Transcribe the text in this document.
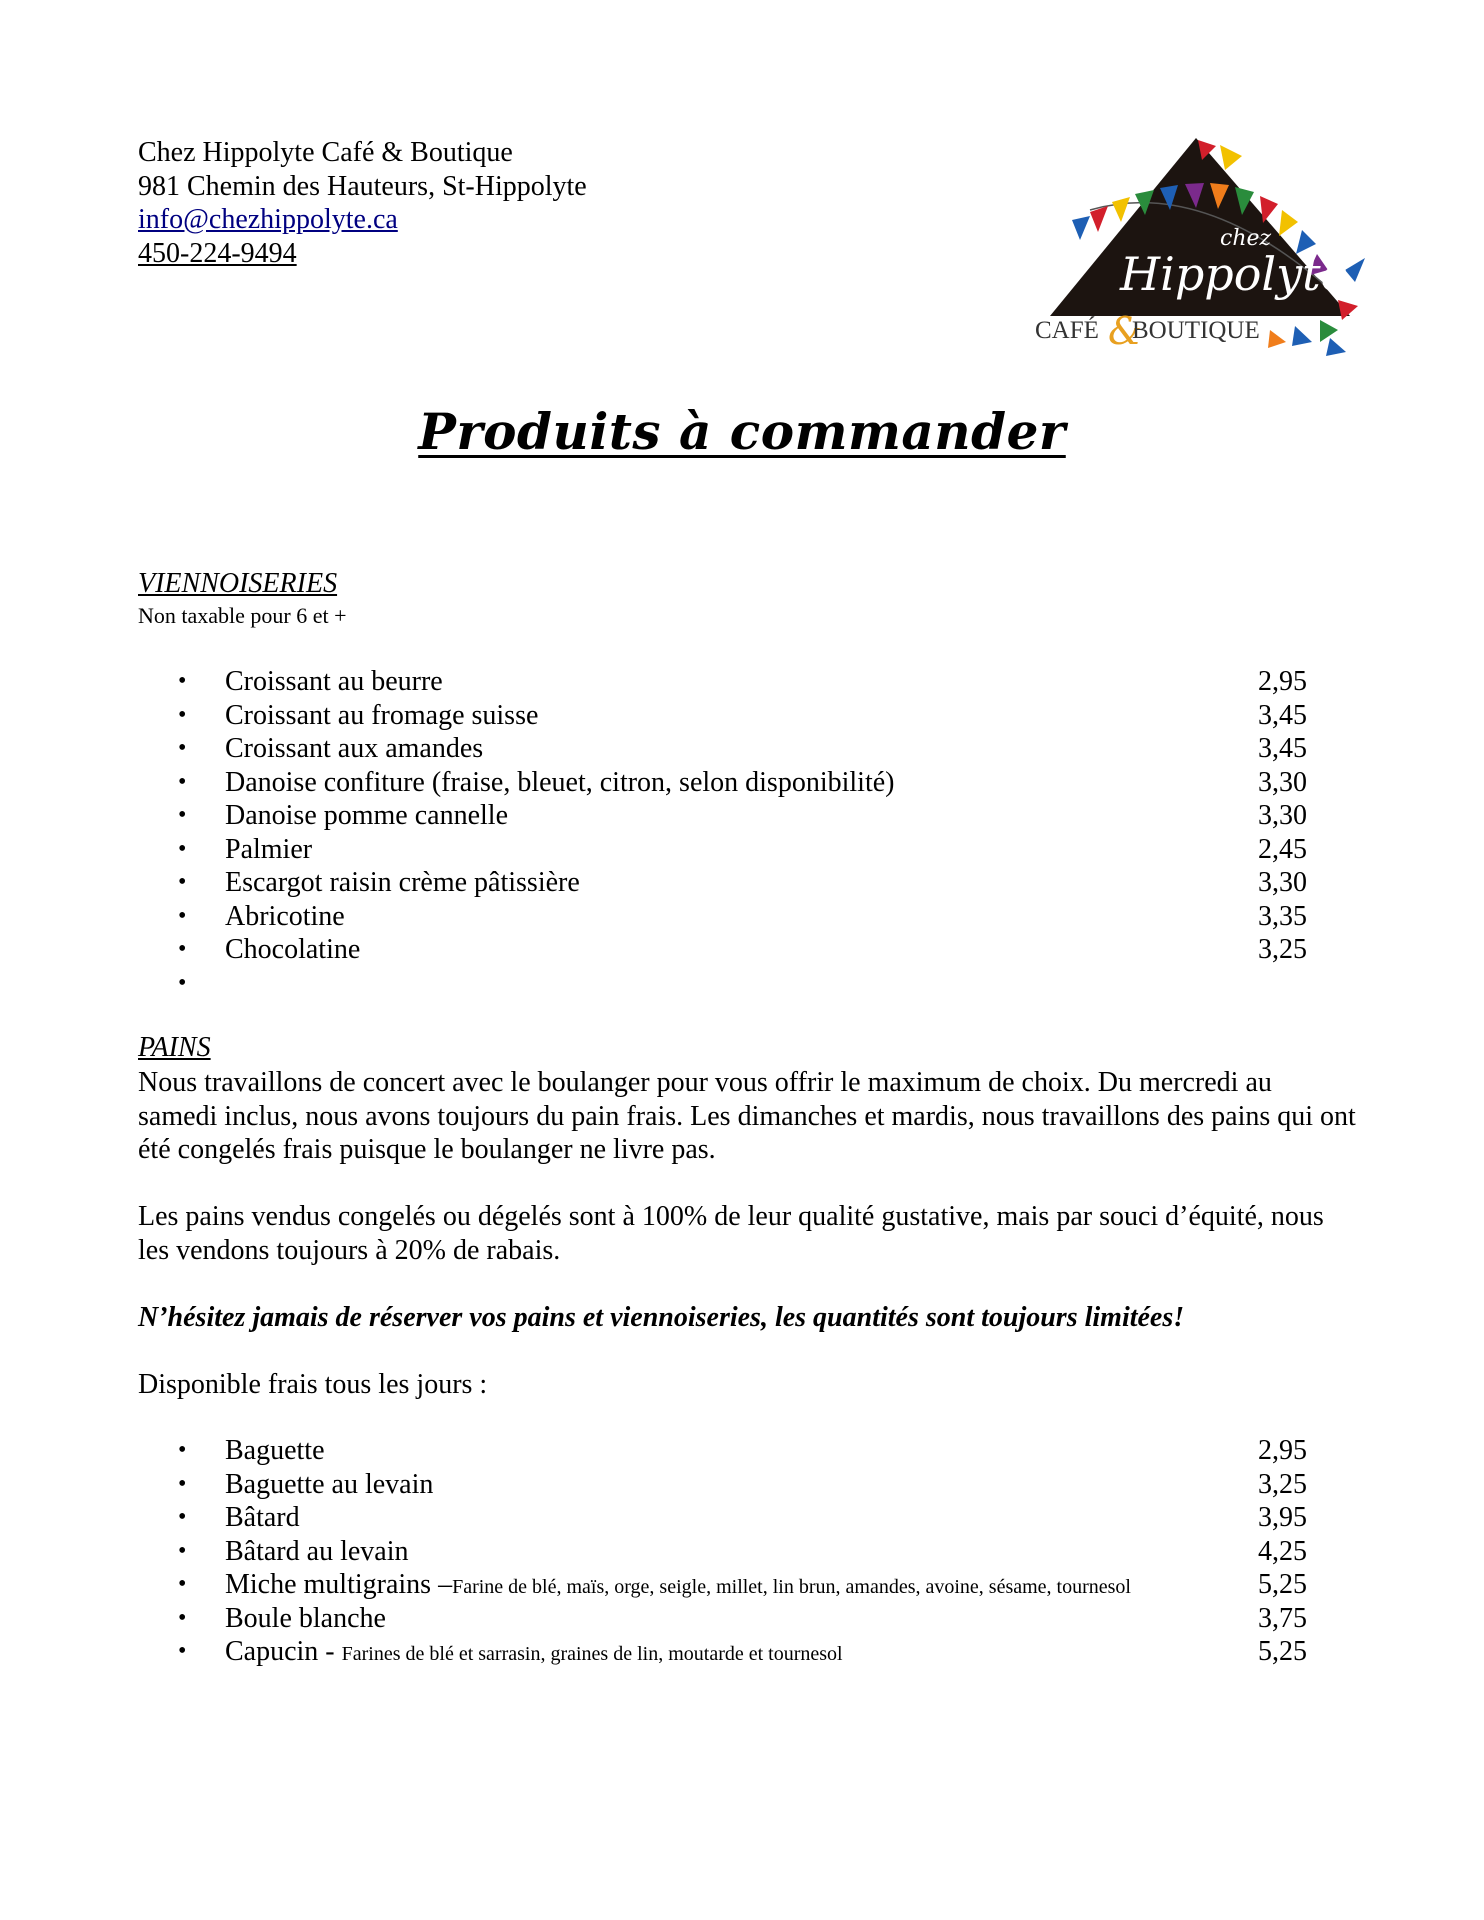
Chez Hippolyte Café & Boutique
981 Chemin des Hauteurs, St-Hippolyte
info@chezhippolyte.ca
450-224-9494	chez
Hippolyte
CAFÉ &
BOUTIQUE
Produits à commander
VIENNOISERIES
Non taxable pour 6 et +
• Croissant au beurre	2,95
• Croissant au fromage suisse	3,45
• Croissant aux amandes	3,45
• Danoise confiture (fraise, bleuet, citron, selon disponibilité)	3,30
• Danoise pomme cannelle	3,30
• Palmier	2,45
• Escargot raisin crème pâtissière	3,30
• Abricotine	3,35
• Chocolatine	3,25
•
PAINS
Nous travaillons de concert avec le boulanger pour vous offrir le maximum de choix. Du mercredi au samedi inclus, nous avons toujours du pain frais. Les dimanches et mardis, nous travaillons des pains qui ont été congelés frais puisque le boulanger ne livre pas.
Les pains vendus congelés ou dégelés sont à 100% de leur qualité gustative, mais par souci d’équité, nous les vendons toujours à 20% de rabais.
N’hésitez jamais de réserver vos pains et viennoiseries, les quantités sont toujours limitées!
Disponible frais tous les jours :
• Baguette	2,95
• Baguette au levain	3,25
• Bâtard	3,95
• Bâtard au levain	4,25
• Miche multigrains –Farine de blé, maïs, orge, seigle, millet, lin brun, amandes, avoine, sésame, tournesol	5,25
• Boule blanche	3,75
• Capucin - Farines de blé et sarrasin, graines de lin, moutarde et tournesol	5,25
